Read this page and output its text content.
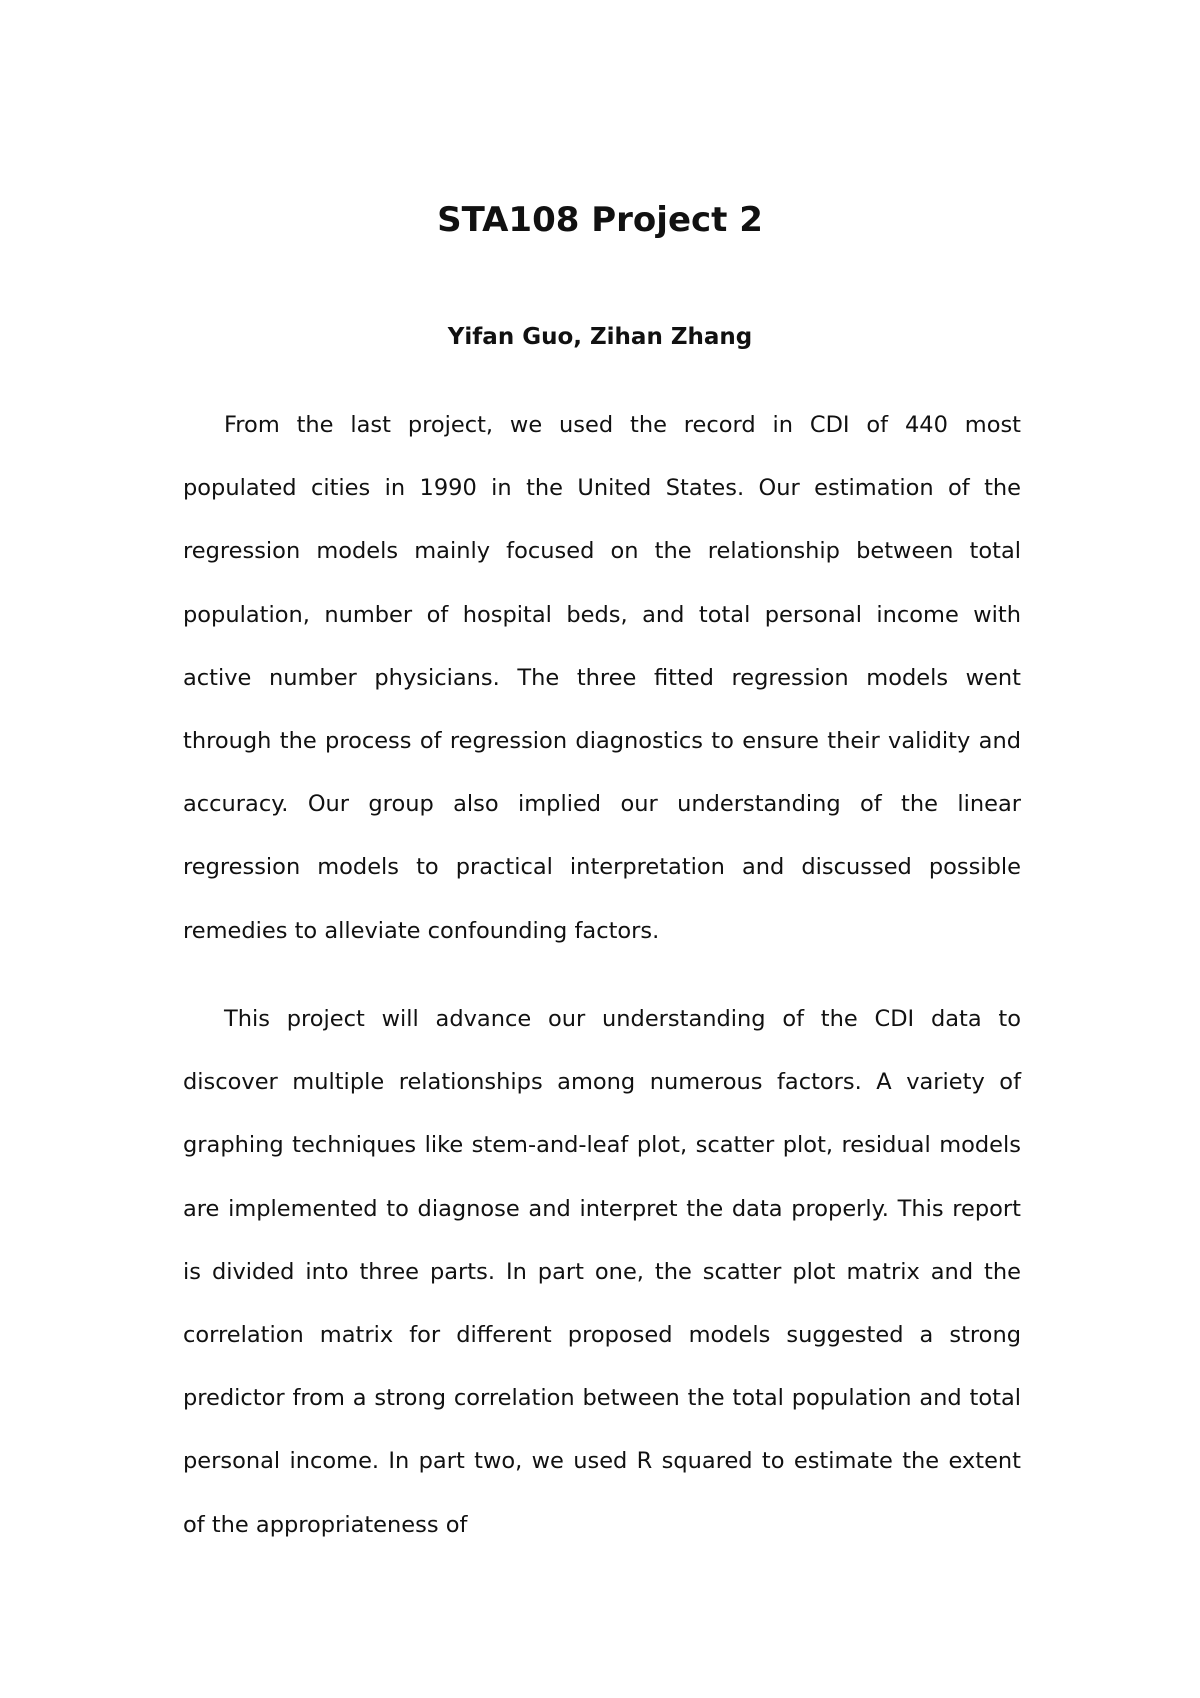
STA108 Project 2
Yifan Guo, Zihan Zhang

From the last project, we used the record in CDI of 440 most populated cities in 1990 in the United States. Our estimation of the regression models mainly focused on the relationship between total population, number of hospital beds, and total personal income with active number physicians. The three fitted regression models went through the process of regression diagnostics to ensure their validity and accuracy. Our group also implied our understanding of the linear regression models to practical interpretation and discussed possible remedies to alleviate confounding factors.

This project will advance our understanding of the CDI data to discover multiple relationships among numerous factors. A variety of graphing techniques like stem-and-leaf plot, scatter plot, residual models are implemented to diagnose and interpret the data properly. This report is divided into three parts. In part one, the scatter plot matrix and the correlation matrix for different proposed models suggested a strong predictor from a strong correlation between the total population and total personal income. In part two, we used R squared to estimate the extent of the appropriateness of
